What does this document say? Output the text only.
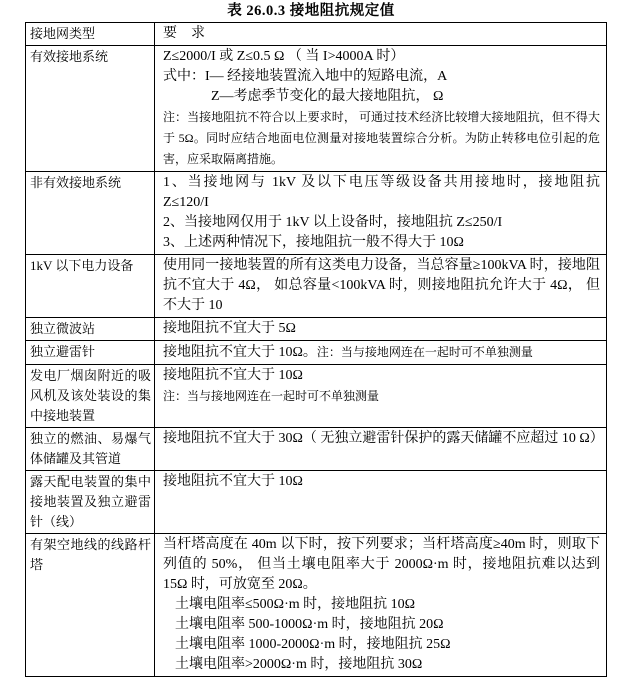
表 26.0.3 接地阻抗规定值
接地网类型	要　求
有效接地系统	Z≤2000/I 或 Z≤0.5 Ω （ 当 I>4000A 时）
式中：I— 经接地装置流入地中的短路电流，A
Z—考虑季节变化的最大接地阻抗， Ω
注：当接地阻抗不符合以上要求时， 可通过技术经济比较增大接地阻抗，但不得大于 5Ω。同时应结合地面电位测量对接地装置综合分析。为防止转移电位引起的危害，应采取隔离措施。

非有效接地系统	1、当接地网与 1kV 及以下电压等级设备共用接地时，接地阻抗 Z≤120/I
2、当接地网仅用于 1kV 以上设备时，接地阻抗 Z≤250/I
3、上述两种情况下，接地阻抗一般不得大于 10Ω

1kV 以下电力设备	使用同一接地装置的所有这类电力设备，当总容量≥100kVA 时，接地阻抗不宜大于 4Ω， 如总容量<100kVA 时，则接地阻抗允许大于 4Ω， 但不大于 10

独立微波站	接地阻抗不宜大于 5Ω

独立避雷针	接地阻抗不宜大于 10Ω。注：当与接地网连在一起时可不单独测量

发电厂烟囱附近的吸风机及该处装设的集中接地装置	接地阻抗不宜大于 10Ω
注：当与接地网连在一起时可不单独测量

独立的燃油、易爆气体储罐及其管道	接地阻抗不宜大于 30Ω（ 无独立避雷针保护的露天储罐不应超过 10 Ω）

露天配电装置的集中接地装置及独立避雷针（线）	接地阻抗不宜大于 10Ω

有架空地线的线路杆塔	当杆塔高度在 40m 以下时，按下列要求；当杆塔高度≥40m 时，则取下列值的 50%， 但当土壤电阻率大于 2000Ω·m 时，接地阻抗难以达到 15Ω 时，可放宽至 20Ω。
土壤电阻率≤500Ω·m 时，接地阻抗 10Ω
土壤电阻率 500-1000Ω·m 时，接地阻抗 20Ω
土壤电阻率 1000-2000Ω·m 时，接地阻抗 25Ω
土壤电阻率>2000Ω·m 时，接地阻抗 30Ω
